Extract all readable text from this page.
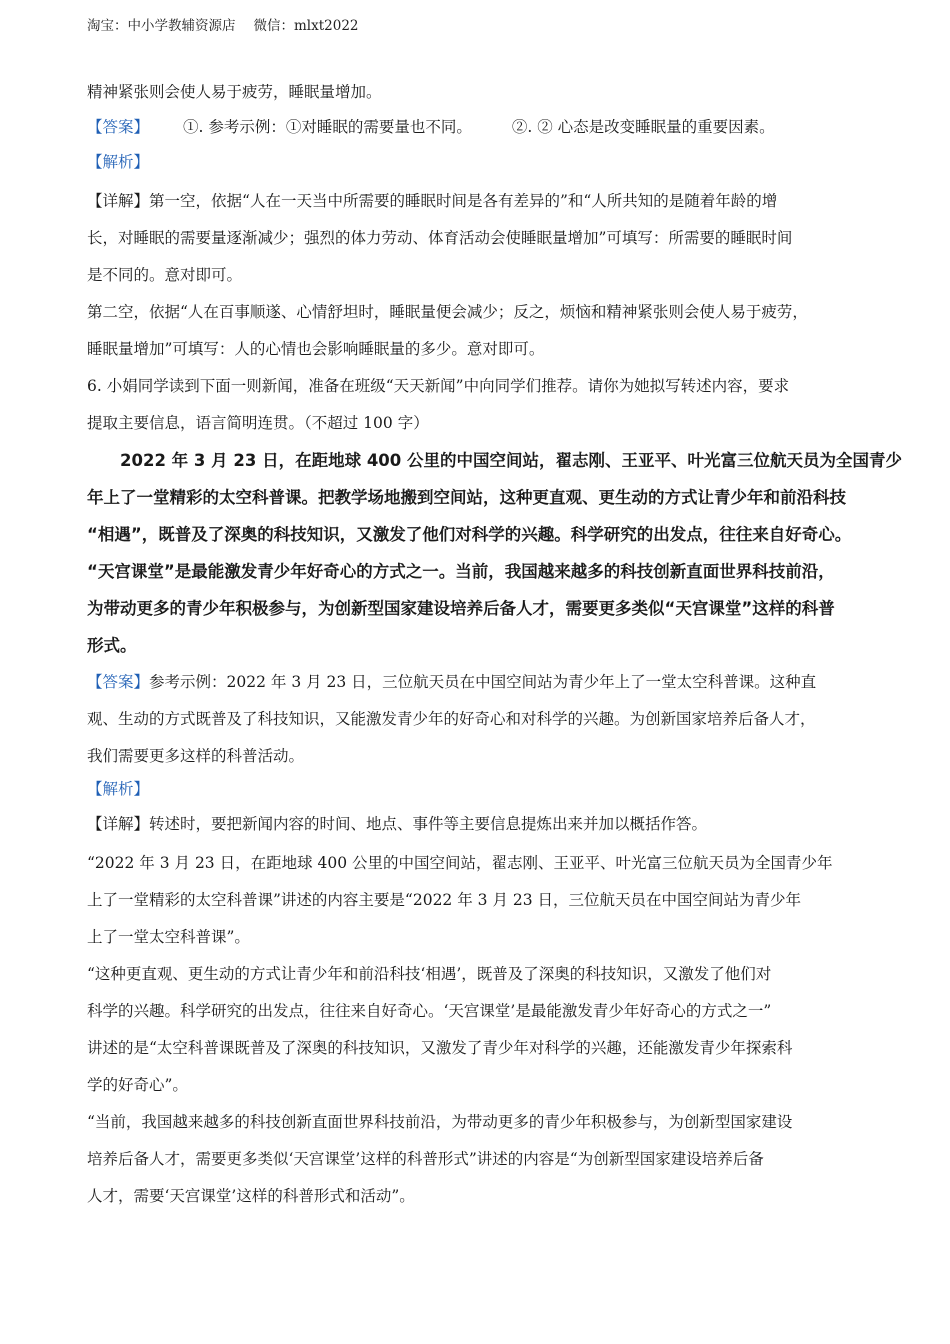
淘宝：中小学教辅资源店 微信：mlxt2022
精神紧张则会使人易于疲劳，睡眠量增加。
【答案】 ①. 参考示例：①对睡眠的需要量也不同。	②. ② 心态是改变睡眠量的重要因素。
【解析】
【详解】第一空，依据“人在一天当中所需要的睡眠时间是各有差异的”和“人所共知的是随着年龄的增
长，对睡眠的需要量逐渐减少；强烈的体力劳动、体育活动会使睡眠量增加”可填写：所需要的睡眠时间
是不同的。意对即可。
第二空，依据“人在百事顺遂、心情舒坦时，睡眠量便会减少；反之，烦恼和精神紧张则会使人易于疲劳，
睡眠量增加”可填写：人的心情也会影响睡眠量的多少。意对即可。
6. 小娟同学读到下面一则新闻，准备在班级“天天新闻”中向同学们推荐。请你为她拟写转述内容，要求
提取主要信息，语言简明连贯。（不超过 100 字）
2022 年 3 月 23 日，在距地球 400 公里的中国空间站，翟志刚、王亚平、叶光富三位航天员为全国青少
年上了一堂精彩的太空科普课。把教学场地搬到空间站，这种更直观、更生动的方式让青少年和前沿科技
“相遇”，既普及了深奥的科技知识，又激发了他们对科学的兴趣。科学研究的出发点，往往来自好奇心。
“天宫课堂”是最能激发青少年好奇心的方式之一。当前，我国越来越多的科技创新直面世界科技前沿，
为带动更多的青少年积极参与，为创新型国家建设培养后备人才，需要更多类似“天宫课堂”这样的科普
形式。
【答案】参考示例：2022 年 3 月 23 日，三位航天员在中国空间站为青少年上了一堂太空科普课。这种直
观、生动的方式既普及了科技知识，又能激发青少年的好奇心和对科学的兴趣。为创新国家培养后备人才，
我们需要更多这样的科普活动。
【解析】
【详解】转述时，要把新闻内容的时间、地点、事件等主要信息提炼出来并加以概括作答。
“2022 年 3 月 23 日，在距地球 400 公里的中国空间站，翟志刚、王亚平、叶光富三位航天员为全国青少年
上了一堂精彩的太空科普课”讲述的内容主要是“2022 年 3 月 23 日，三位航天员在中国空间站为青少年
上了一堂太空科普课”。
“这种更直观、更生动的方式让青少年和前沿科技‘相遇’，既普及了深奥的科技知识，又激发了他们对
科学的兴趣。科学研究的出发点，往往来自好奇心。‘天宫课堂’是最能激发青少年好奇心的方式之一”
讲述的是“太空科普课既普及了深奥的科技知识，又激发了青少年对科学的兴趣，还能激发青少年探索科
学的好奇心”。
“当前，我国越来越多的科技创新直面世界科技前沿，为带动更多的青少年积极参与，为创新型国家建设
培养后备人才，需要更多类似‘天宫课堂’这样的科普形式”讲述的内容是“为创新型国家建设培养后备
人才，需要‘天宫课堂’这样的科普形式和活动”。
